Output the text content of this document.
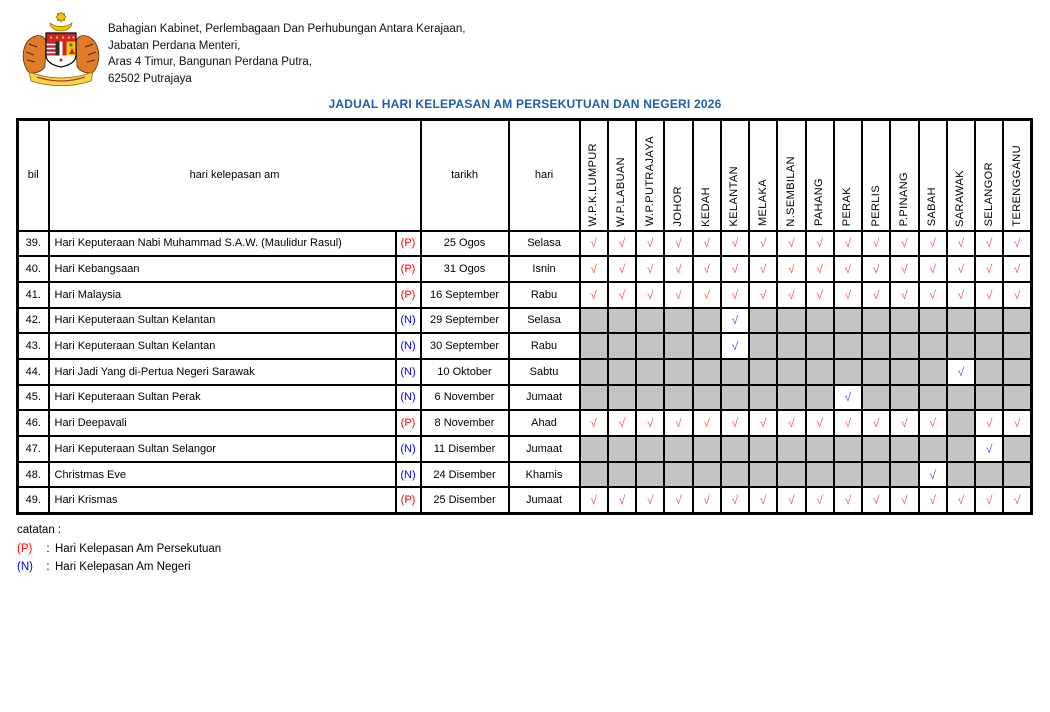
Bahagian Kabinet, Perlembagaan Dan Perhubungan Antara Kerajaan,
Jabatan Perdana Menteri,
Aras 4 Timur, Bangunan Perdana Putra,
62502 Putrajaya
JADUAL HARI KELEPASAN AM PERSEKUTUAN DAN NEGERI 2026
bil	hari kelepasan am		tarikh	hari	W.P.K.LUMPUR	W.P.LABUAN	W.P.PUTRAJAYA	JOHOR	KEDAH	KELANTAN	MELAKA	N.SEMBILAN	PAHANG	PERAK	PERLIS	P.PINANG	SABAH	SARAWAK	SELANGOR	TERENGGANU
39.	Hari Keputeraan Nabi Muhammad S.A.W. (Maulidur Rasul)	(P)	25 Ogos	Selasa	√	√	√	√	√	√	√	√	√	√	√	√	√	√	√	√
40.	Hari Kebangsaan	(P)	31 Ogos	Isnin	√	√	√	√	√	√	√	√	√	√	√	√	√	√	√	√
41.	Hari Malaysia	(P)	16 September	Rabu	√	√	√	√	√	√	√	√	√	√	√	√	√	√	√	√
42.	Hari Keputeraan Sultan Kelantan	(N)	29 September	Selasa						√										
43.	Hari Keputeraan Sultan Kelantan	(N)	30 September	Rabu						√										
44.	Hari Jadi Yang di-Pertua Negeri Sarawak	(N)	10 Oktober	Sabtu														√		
45.	Hari Keputeraan Sultan Perak	(N)	6 November	Jumaat										√						
46.	Hari Deepavali	(P)	8 November	Ahad	√	√	√	√	√	√	√	√	√	√	√	√	√		√	√
47.	Hari Keputeraan Sultan Selangor	(N)	11 Disember	Jumaat															√	
48.	Christmas Eve	(N)	24 Disember	Khamis													√			
49.	Hari Krismas	(P)	25 Disember	Jumaat	√	√	√	√	√	√	√	√	√	√	√	√	√	√	√	√
catatan :
(P) : Hari Kelepasan Am Persekutuan
(N) : Hari Kelepasan Am Negeri
